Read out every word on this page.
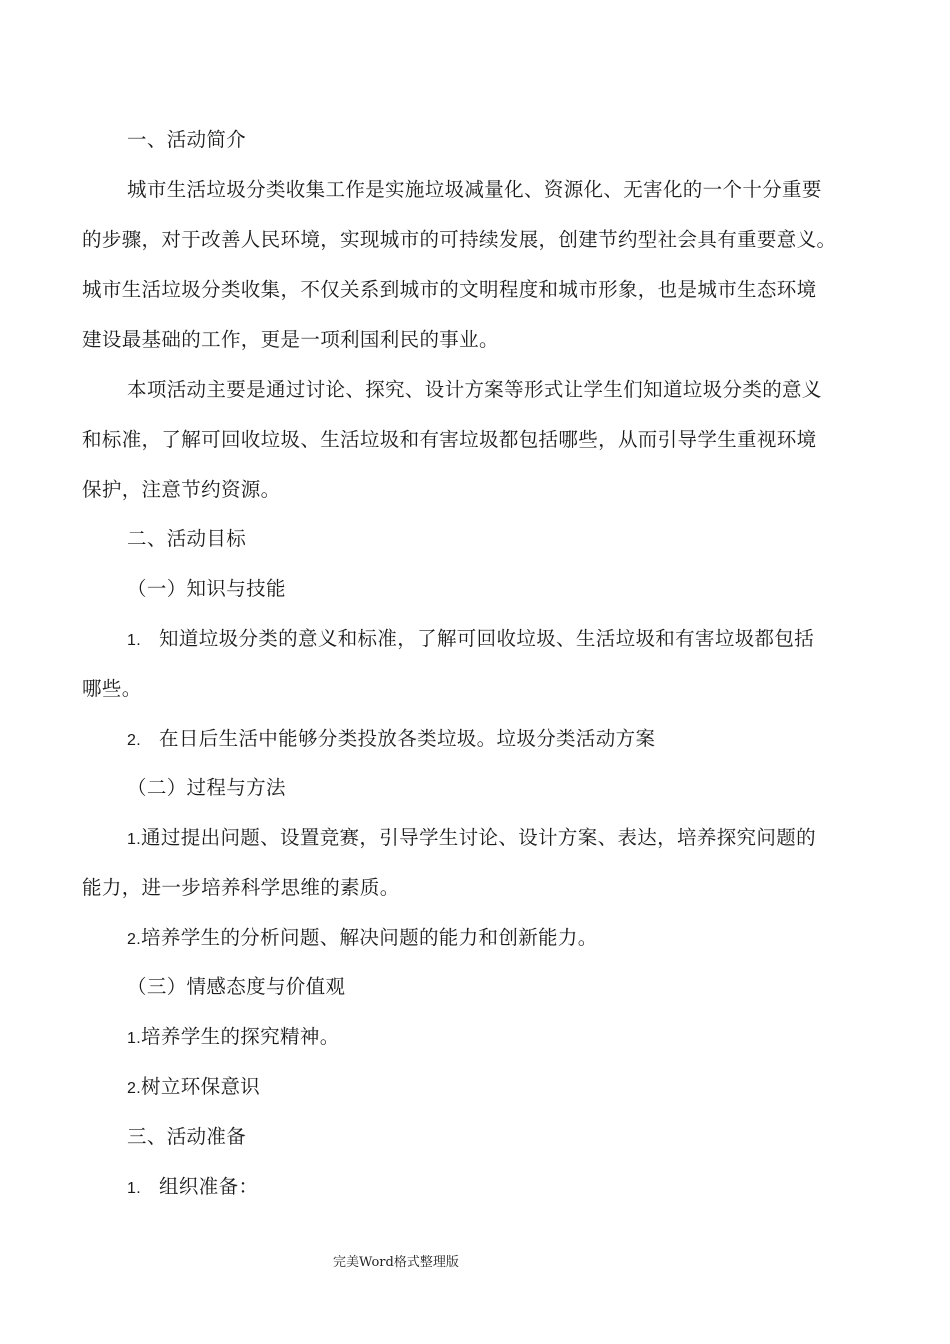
一、活动简介
城市生活垃圾分类收集工作是实施垃圾减量化、资源化、无害化的一个十分重要
的步骤，对于改善人民环境，实现城市的可持续发展，创建节约型社会具有重要意义。
城市生活垃圾分类收集，不仅关系到城市的文明程度和城市形象，也是城市生态环境
建设最基础的工作，更是一项利国利民的事业。
本项活动主要是通过讨论、探究、设计方案等形式让学生们知道垃圾分类的意义
和标准，了解可回收垃圾、生活垃圾和有害垃圾都包括哪些，从而引导学生重视环境
保护，注意节约资源。
二、活动目标
（一）知识与技能
1. 知道垃圾分类的意义和标准，了解可回收垃圾、生活垃圾和有害垃圾都包括
哪些。
2. 在日后生活中能够分类投放各类垃圾。垃圾分类活动方案
（二）过程与方法
1.通过提出问题、设置竞赛，引导学生讨论、设计方案、表达，培养探究问题的
能力，进一步培养科学思维的素质。
2.培养学生的分析问题、解决问题的能力和创新能力。
（三）情感态度与价值观
1.培养学生的探究精神。
2.树立环保意识
三、活动准备
1. 组织准备：
完美Word格式整理版
